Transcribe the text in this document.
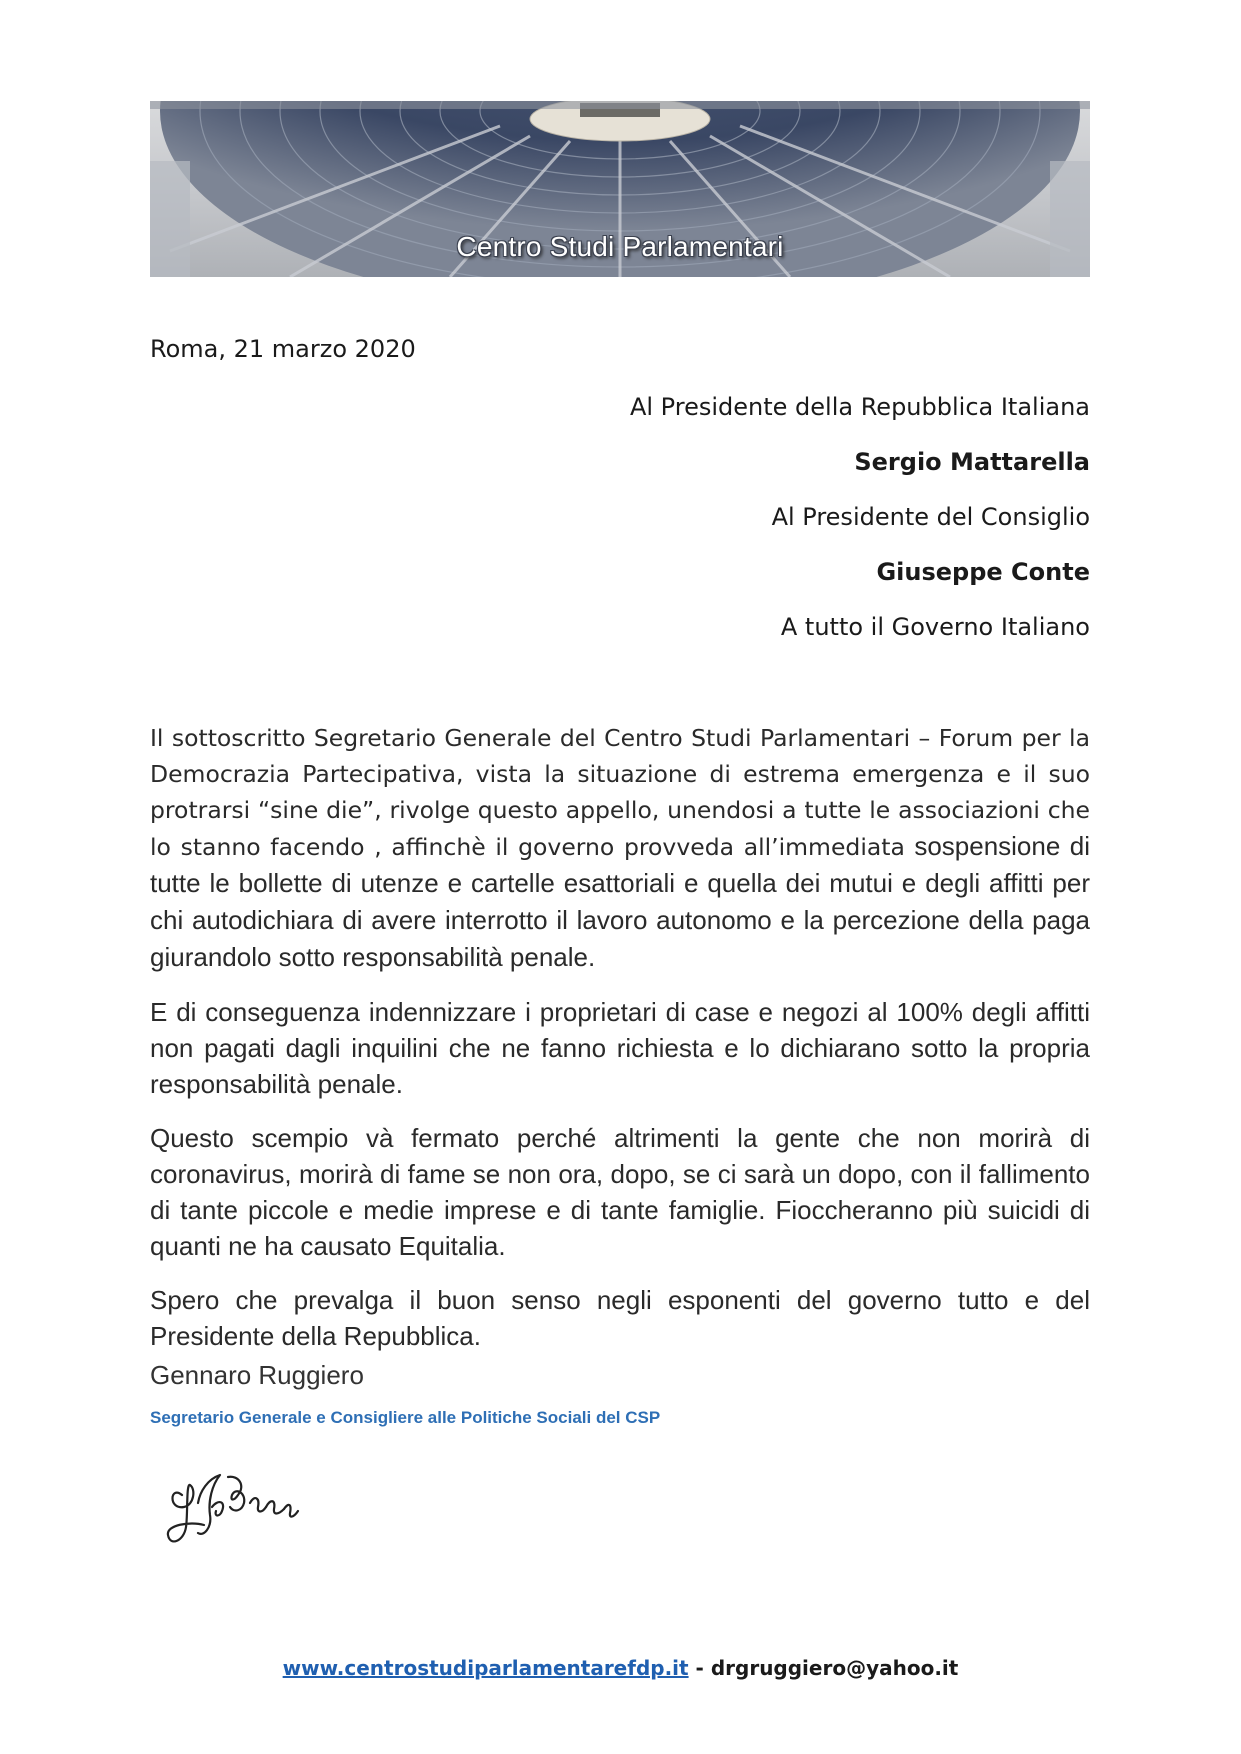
Centro Studi Parlamentari
Roma, 21 marzo 2020
Al Presidente della Repubblica Italiana
Sergio Mattarella
Al Presidente del Consiglio
Giuseppe Conte
A tutto il Governo Italiano

Il sottoscritto Segretario Generale del Centro Studi Parlamentari – Forum per la Democrazia Partecipativa, vista la situazione di estrema emergenza e il suo protrarsi “sine die”, rivolge questo appello, unendosi a tutte le associazioni che lo stanno facendo , affinchè il governo provveda all’immediata sospensione di tutte le bollette di utenze e cartelle esattoriali e quella dei mutui e degli affitti per chi autodichiara di avere interrotto il lavoro autonomo e la percezione della paga giurandolo sotto responsabilità penale.

E di conseguenza indennizzare i proprietari di case e negozi al 100% degli affitti non pagati dagli inquilini che ne fanno richiesta e lo dichiarano sotto la propria responsabilità penale.

Questo scempio và fermato perché altrimenti la gente che non morirà di coronavirus, morirà di fame se non ora, dopo, se ci sarà un dopo, con il fallimento di tante piccole e medie imprese e di tante famiglie. Fioccheranno più suicidi di quanti ne ha causato Equitalia.

Spero che prevalga il buon senso negli esponenti del governo tutto e del Presidente della Repubblica.

Gennaro Ruggiero
Segretario Generale e Consigliere alle Politiche Sociali del CSP
www.centrostudiparlamentarefdp.it - drgruggiero@yahoo.it
